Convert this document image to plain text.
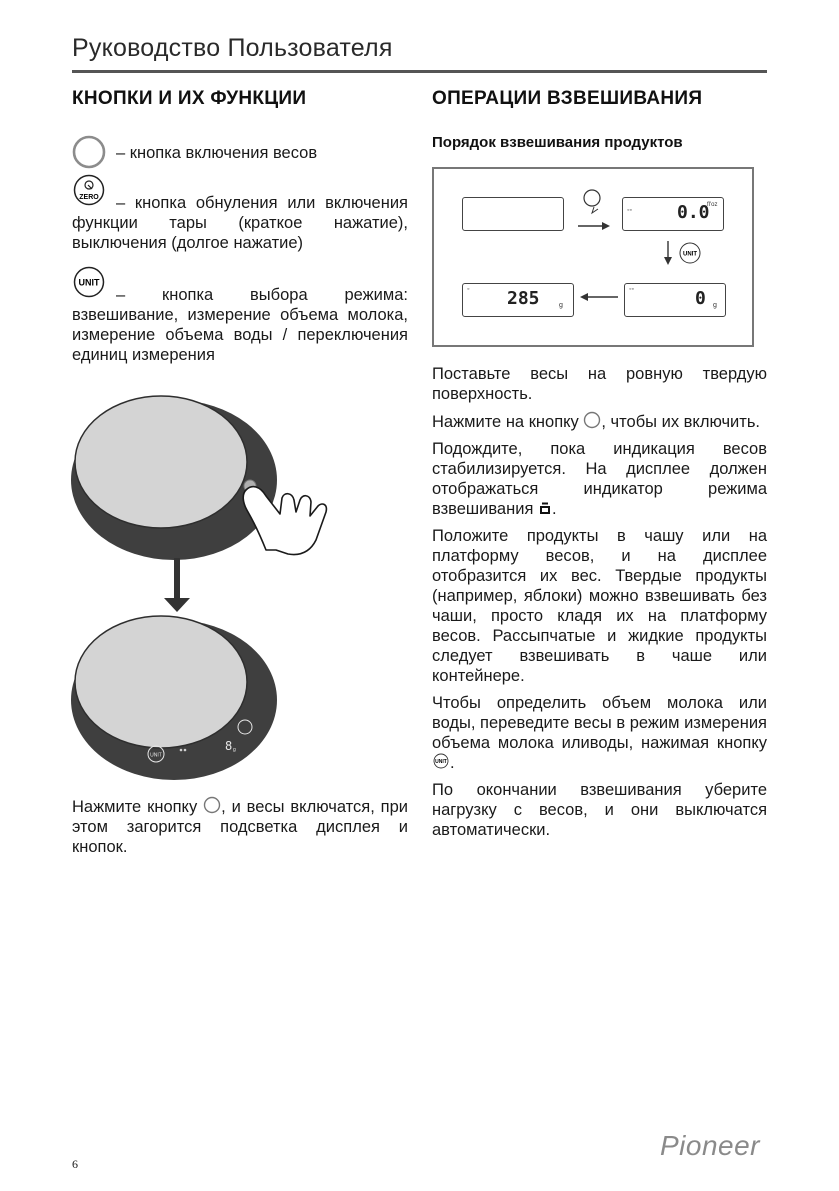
Руководство Пользователя
КНОПКИ И ИХ ФУНКЦИИ
– кнопка включения весов
ZERO	– кнопка обнуления или включения функции тары (краткое нажатие), выключения (долгое нажатие)
UNIT
– кнопка выбора режима: взвешивание, измерение объема молока, измерение объема воды / переключения единиц измерения
UNIT
8 g
Нажмите кнопку , и весы включатся, при этом загорится подсветка дисплея и кнопок.
ОПЕРАЦИИ ВЗВЕШИВАНИЯ
Порядок взвешивания продуктов
◦◦	0.0
fl'oz
UNIT
◦ 285	g
◦◦	0 g

Поставьте весы на ровную твердую поверхность.

Нажмите на кнопку , чтобы их включить.

Подождите, пока индикация весов стабилизируется. На дисплее должен отображаться индикатор режима взвешивания .

Положите продукты в чашу или на платформу весов, и на дисплее отобразится их вес. Твердые продукты (например, яблоки) можно взвешивать без чаши, просто кладя их на платформу весов. Рассыпчатые и жидкие продукты следует взвешивать в чаше или контейнере.

Чтобы определить объем молока или воды, переведите весы в режим измерения объема молока иливоды, нажимая кнопку
UNIT .

По окончании взвешивания уберите нагрузку с весов, и они выключатся автоматически.

6
Pioneer
